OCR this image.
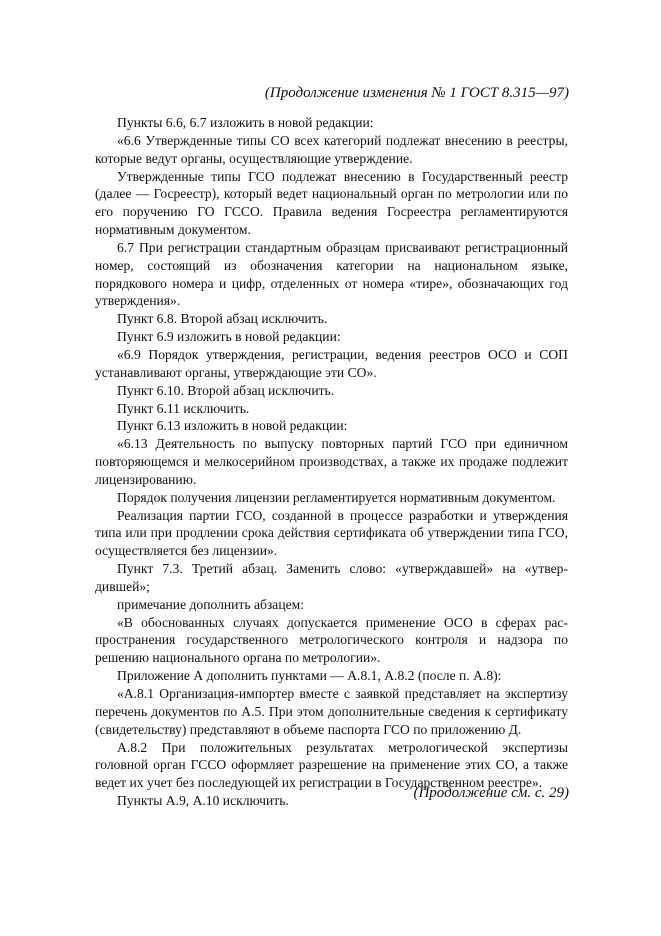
(Продолжение изменения № 1 ГОСТ 8.315—97)

Пункты 6.6, 6.7 изложить в новой редакции:

«6.6 Утвержденные типы СО всех категорий подлежат внесению в реестры, которые ведут органы, осуществляющие утверждение.

Утвержденные типы ГСО подлежат внесению в Государственный реестр (далее — Госреестр), который ведет национальный орган по метрологии или по его поручению ГО ГССО. Правила ведения Госреестра регламентируются нормативным документом.

6.7 При регистрации стандартным образцам присваивают регистрационный номер, состоящий из обозначения категории на национальном языке, порядкового номера и цифр, отделенных от номера «тире», обозначающих год утверждения».

Пункт 6.8. Второй абзац исключить.

Пункт 6.9 изложить в новой редакции:

«6.9 Порядок утверждения, регистрации, ведения реестров ОСО и СОП устанавливают органы, утверждающие эти СО».

Пункт 6.10. Второй абзац исключить.

Пункт 6.11 исключить.

Пункт 6.13 изложить в новой редакции:

«6.13 Деятельность по выпуску повторных партий ГСО при единичном повторяющемся и мелкосерийном производствах, а также их продаже подлежит лицензированию.

Порядок получения лицензии регламентируется нормативным документом.

Реализация партии ГСО, созданной в процессе разработки и утверждения типа или при продлении срока действия сертификата об утверждении типа ГСО, осуществляется без лицензии».

Пункт 7.3. Третий абзац. Заменить слово: «утверждавшей» на «утвердившей»;

примечание дополнить абзацем:

«В обоснованных случаях допускается применение ОСО в сферах распространения государственного метрологического контроля и надзора по решению национального органа по метрологии».

Приложение А дополнить пунктами — А.8.1, А.8.2 (после п. А.8):

«А.8.1 Организация-импортер вместе с заявкой представляет на экспертизу перечень документов по А.5. При этом дополнительные сведения к сертификату (свидетельству) представляют в объеме паспорта ГСО по приложению Д.

А.8.2 При положительных результатах метрологической экспертизы головной орган ГССО оформляет разрешение на применение этих СО, а также ведет их учет без последующей их регистрации в Государственном реестре».

Пункты А.9, А.10 исключить.	(Продолжение см. с. 29)
